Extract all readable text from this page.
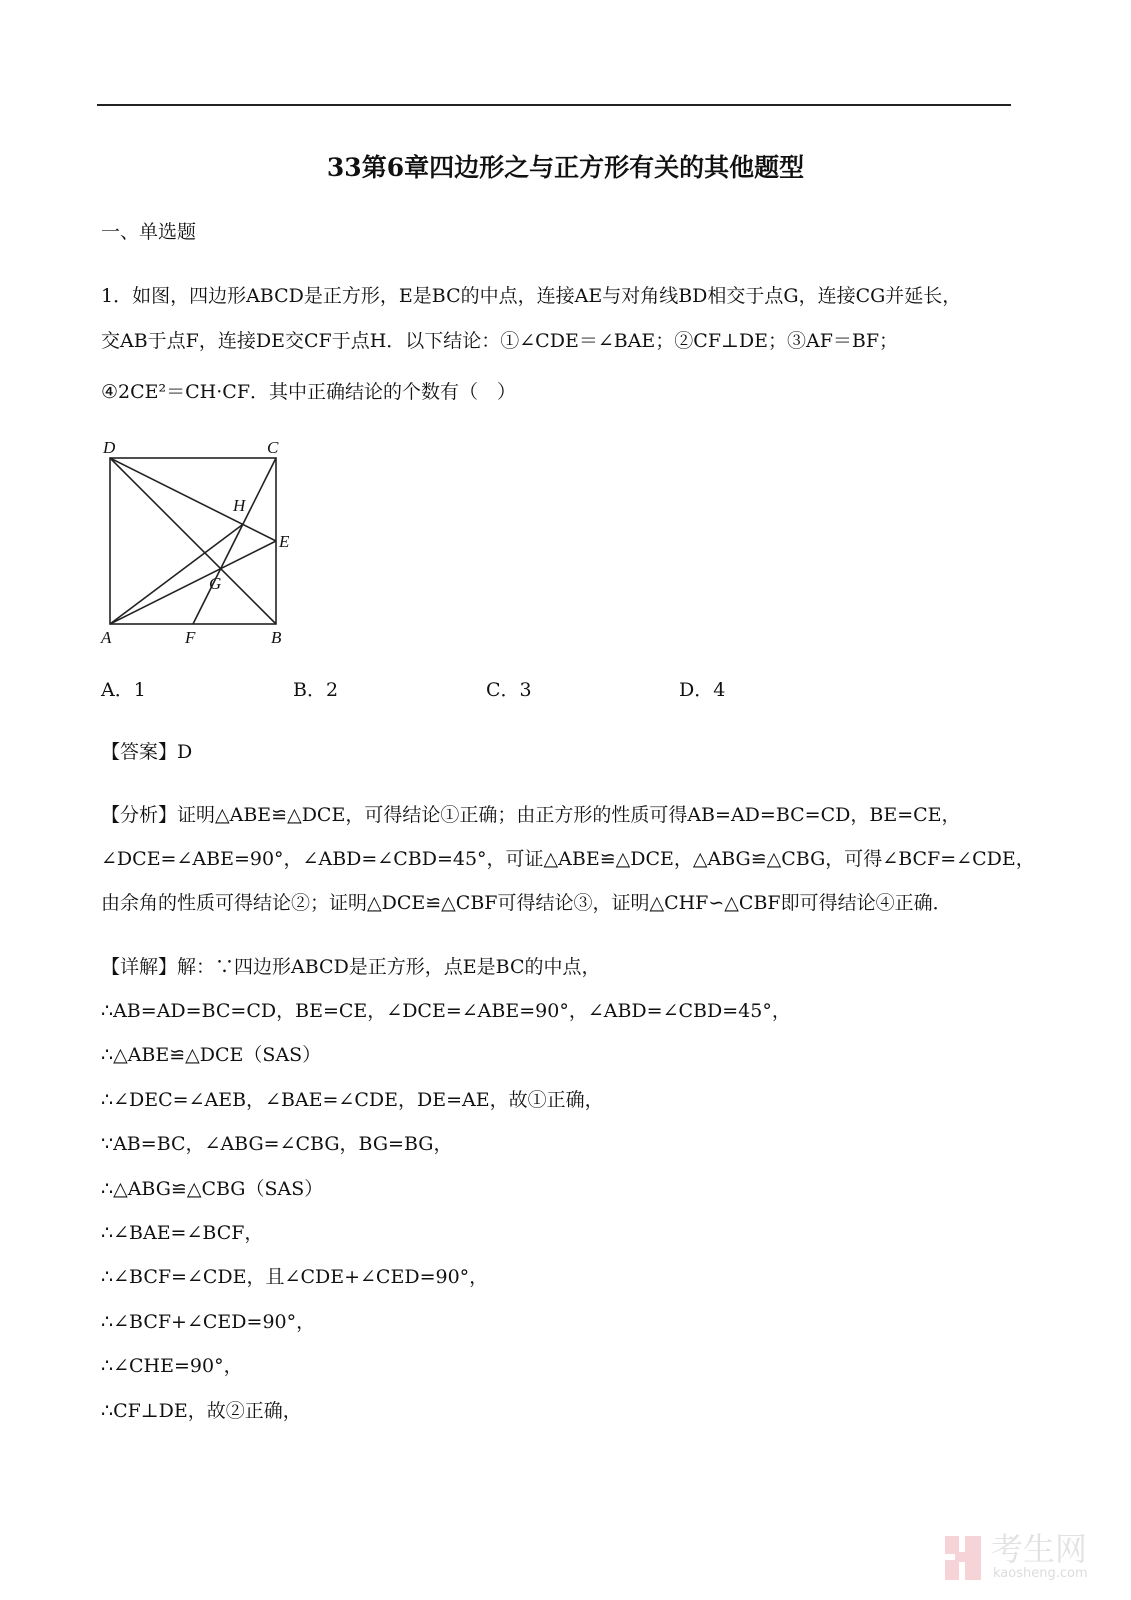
33第6章四边形之与正方形有关的其他题型
一、单选题
1．如图，四边形ABCD是正方形，E是BC的中点，连接AE与对角线BD相交于点G，连接CG并延长，
交AB于点F，连接DE交CF于点H．以下结论：①∠CDE＝∠BAE；②CF⊥DE；③AF＝BF；
④2CE²＝CH·CF．其中正确结论的个数有（　）
D	C
H
E
G
A	F	B
A．1	B．2	C．3	D．4
【答案】D
【分析】证明△ABE≌△DCE，可得结论①正确；由正方形的性质可得AB=AD=BC=CD，BE=CE，
∠DCE=∠ABE=90°，∠ABD=∠CBD=45°，可证△ABE≌△DCE，△ABG≌△CBG，可得∠BCF=∠CDE，
由余角的性质可得结论②；证明△DCE≌△CBF可得结论③，证明△CHF∽△CBF即可得结论④正确．
【详解】解：∵四边形ABCD是正方形，点E是BC的中点，
∴AB=AD=BC=CD，BE=CE，∠DCE=∠ABE=90°，∠ABD=∠CBD=45°，
∴△ABE≌△DCE（SAS）
∴∠DEC=∠AEB，∠BAE=∠CDE，DE=AE，故①正确，
∵AB=BC，∠ABG=∠CBG，BG=BG，
∴△ABG≌△CBG（SAS）
∴∠BAE=∠BCF，
∴∠BCF=∠CDE，且∠CDE+∠CED=90°，
∴∠BCF+∠CED=90°，
∴∠CHE=90°，
∴CF⊥DE，故②正确，
考生网
kaosheng.com
